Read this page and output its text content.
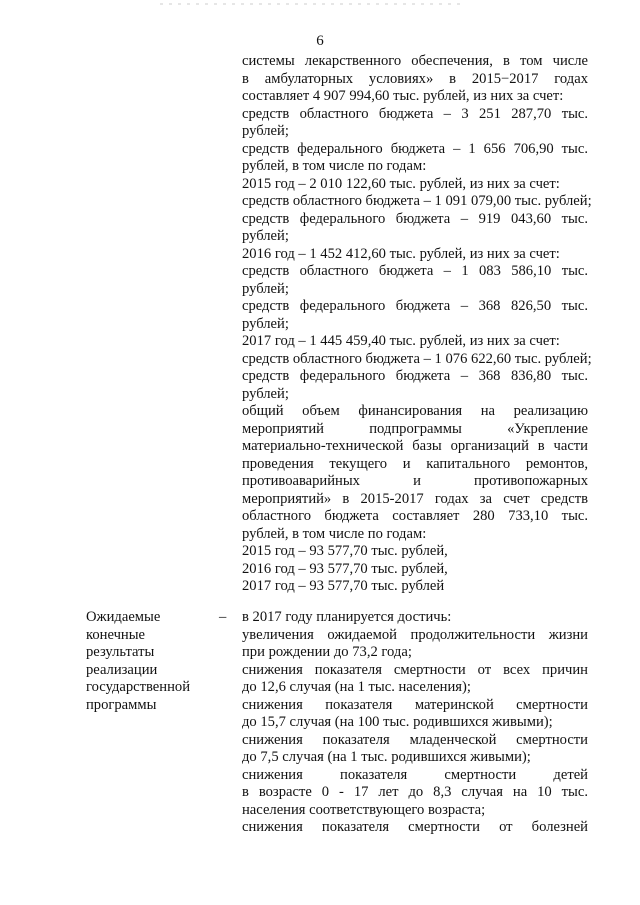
6
системы лекарственного обеспечения, в том числе
в амбулаторных условиях» в 2015−2017 годах
составляет 4 907 994,60 тыс. рублей, из них за счет:
средств областного бюджета – 3 251 287,70 тыс.
рублей;
средств федерального бюджета – 1 656 706,90 тыс.
рублей, в том числе по годам:
2015 год – 2 010 122,60 тыс. рублей, из них за счет:
средств областного бюджета – 1 091 079,00 тыс. рублей;
средств федерального бюджета – 919 043,60 тыс.
рублей;
2016 год – 1 452 412,60 тыс. рублей, из них за счет:
средств областного бюджета – 1 083 586,10 тыс.
рублей;
средств федерального бюджета – 368 826,50 тыс.
рублей;
2017 год – 1 445 459,40 тыс. рублей, из них за счет:
средств областного бюджета – 1 076 622,60 тыс. рублей;
средств федерального бюджета – 368 836,80 тыс.
рублей;
общий объем финансирования на реализацию
мероприятий подпрограммы «Укрепление
материально-технической базы организаций в части
проведения текущего и капитального ремонтов,
противоаварийных и противопожарных
мероприятий» в 2015-2017 годах за счет средств
областного бюджета составляет 280 733,10 тыс.
рублей, в том числе по годам:
2015 год – 93 577,70 тыс. рублей,
2016 год – 93 577,70 тыс. рублей,
2017 год – 93 577,70 тыс. рублей
Ожидаемые
конечные
результаты
реализации
государственной
программы
– в 2017 году планируется достичь:
увеличения ожидаемой продолжительности жизни
при рождении до 73,2 года;
снижения показателя смертности от всех причин
до 12,6 случая (на 1 тыс. населения);
снижения показателя материнской смертности
до 15,7 случая (на 100 тыс. родившихся живыми);
снижения показателя младенческой смертности
до 7,5 случая (на 1 тыс. родившихся живыми);
снижения показателя смертности детей
в возрасте 0 - 17 лет до 8,3 случая на 10 тыс.
населения соответствующего возраста;
снижения показателя смертности от болезней
